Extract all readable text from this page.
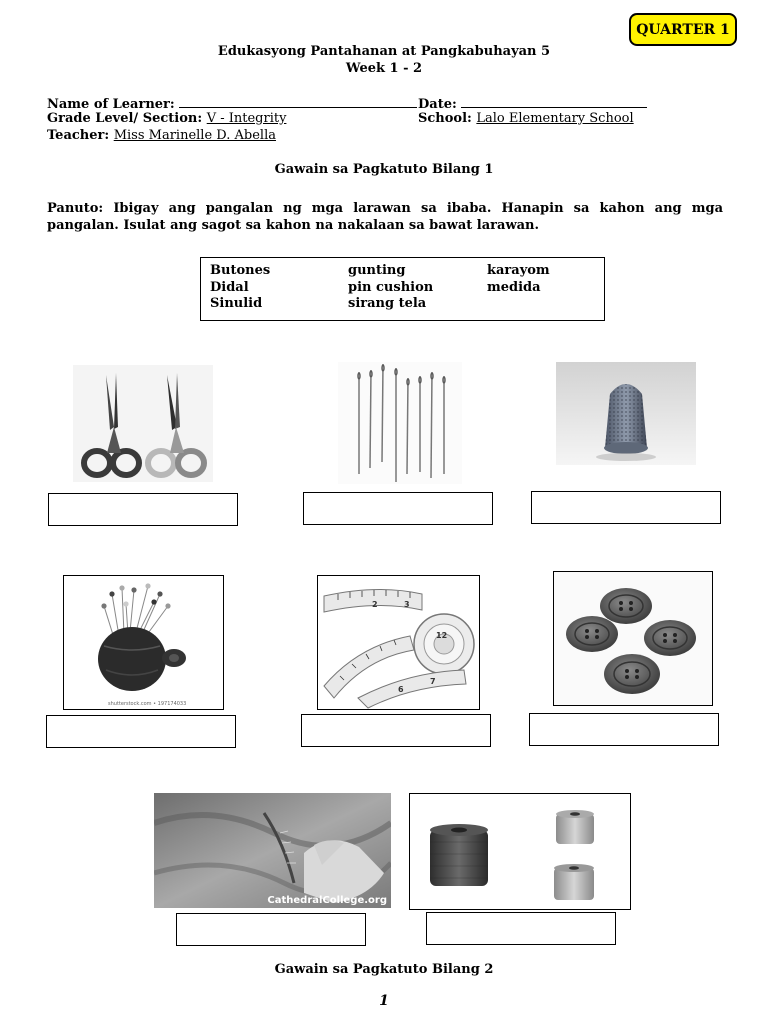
QUARTER 1
Edukasyong Pantahanan at Pangkabuhayan 5
Week 1 - 2
Name of Learner:	Date:
Grade Level/ Section: V - Integrity	School: Lalo Elementary School
Teacher: Miss Marinelle D. Abella
Gawain sa Pagkatuto Bilang 1
Panuto: Ibigay ang pangalan ng mga larawan sa ibaba. Hanapin sa kahon ang mga pangalan. Isulat ang sagot sa kahon na nakalaan sa bawat larawan.
Butones	gunting	karayom
Didal	pin cushion	medida
Sinulid	sirang tela
shutterstock.com • 197174033
2	3
12
6
7
CathedralCollege.org
Gawain sa Pagkatuto Bilang 2
1
